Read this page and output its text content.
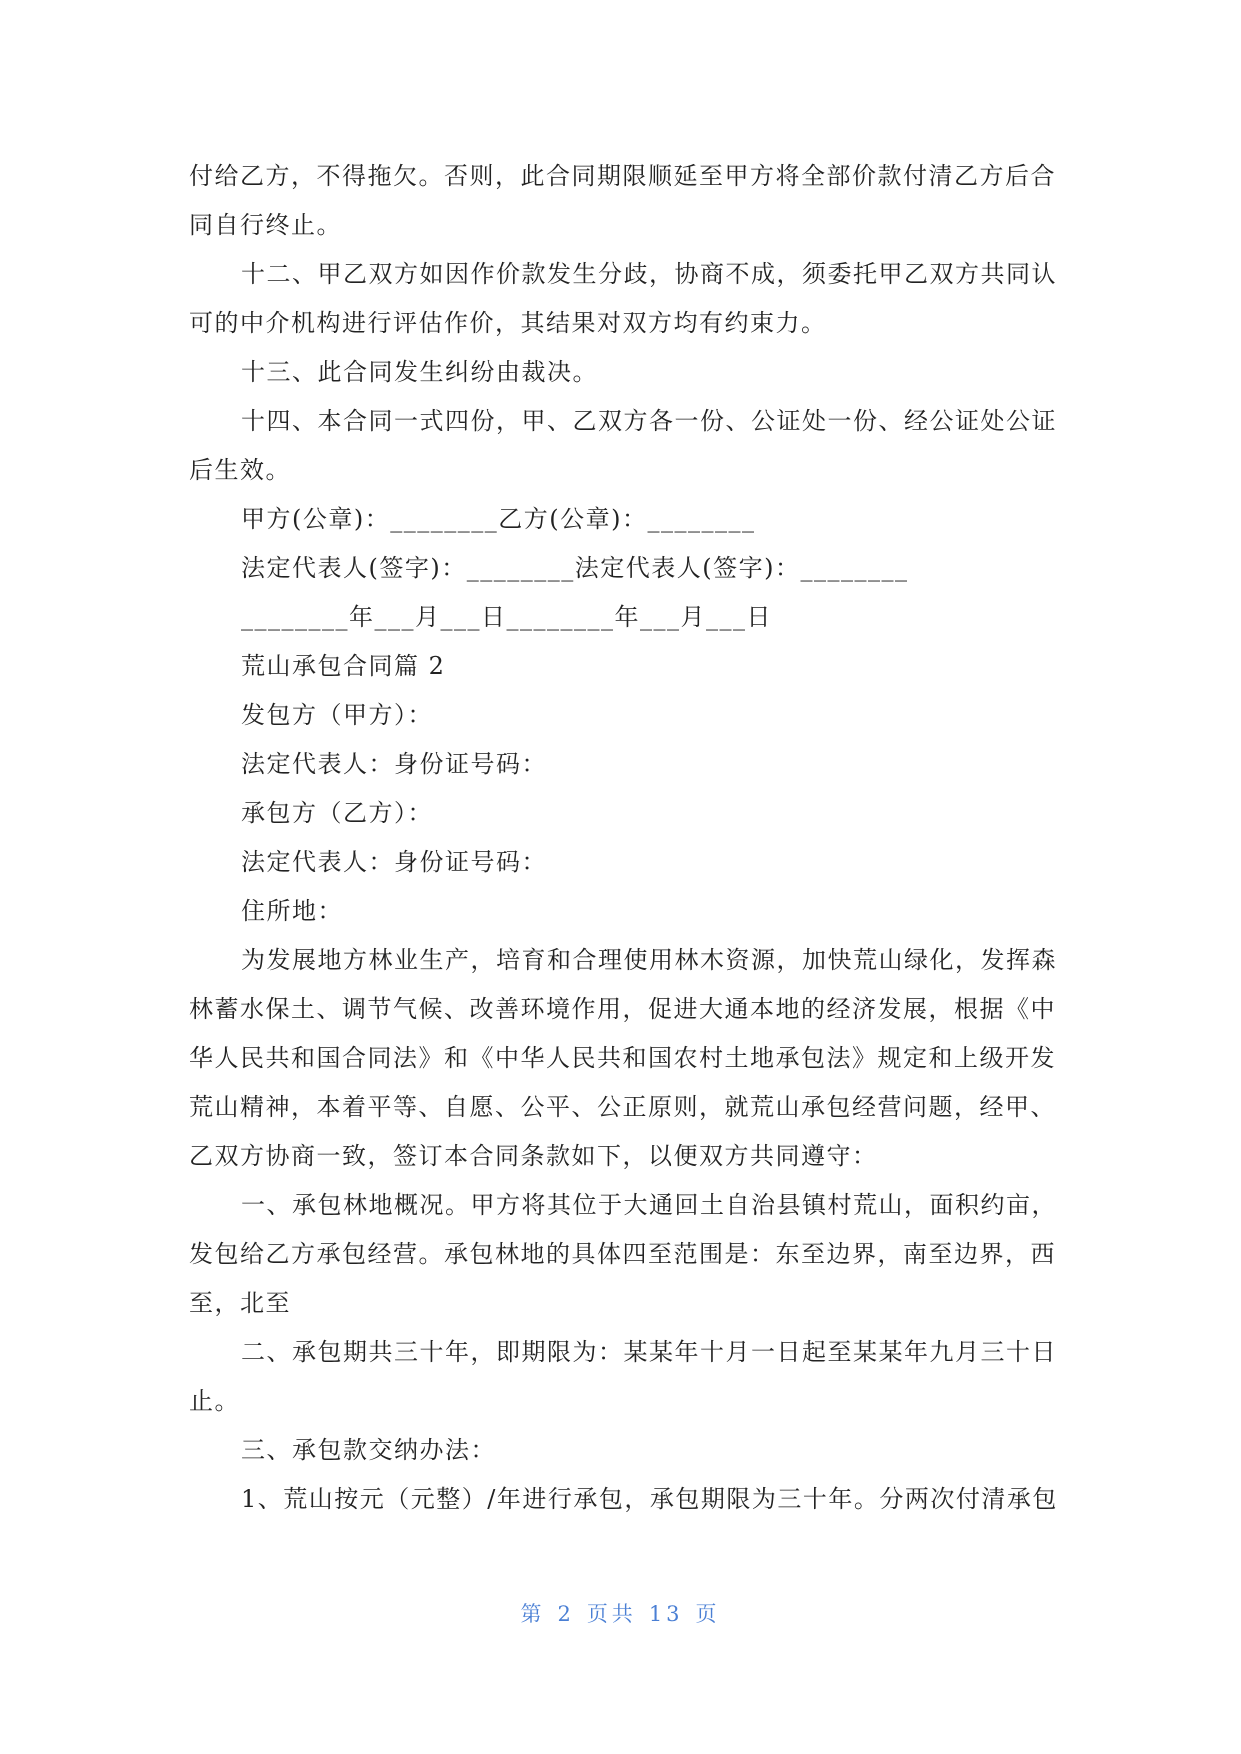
付给乙方，不得拖欠。否则，此合同期限顺延至甲方将全部价款付清乙方后合
同自行终止。
十二、甲乙双方如因作价款发生分歧，协商不成，须委托甲乙双方共同认
可的中介机构进行评估作价，其结果对双方均有约束力。
十三、此合同发生纠纷由裁决。
十四、本合同一式四份，甲、乙双方各一份、公证处一份、经公证处公证
后生效。
甲方(公章)：________乙方(公章)：________
法定代表人(签字)：________法定代表人(签字)：________
________年___月___日________年___月___日
荒山承包合同篇 2
发包方（甲方）：
法定代表人：身份证号码：
承包方（乙方）：
法定代表人：身份证号码：
住所地：
为发展地方林业生产，培育和合理使用林木资源，加快荒山绿化，发挥森
林蓄水保土、调节气候、改善环境作用，促进大通本地的经济发展，根据《中
华人民共和国合同法》和《中华人民共和国农村土地承包法》规定和上级开发
荒山精神，本着平等、自愿、公平、公正原则，就荒山承包经营问题，经甲、
乙双方协商一致，签订本合同条款如下，以便双方共同遵守：
一、承包林地概况。甲方将其位于大通回土自治县镇村荒山，面积约亩，
发包给乙方承包经营。承包林地的具体四至范围是：东至边界，南至边界，西
至，北至
二、承包期共三十年，即期限为：某某年十月一日起至某某年九月三十日
止。
三、承包款交纳办法：
1、荒山按元（元整）/年进行承包，承包期限为三十年。分两次付清承包
第 2 页共 13 页
